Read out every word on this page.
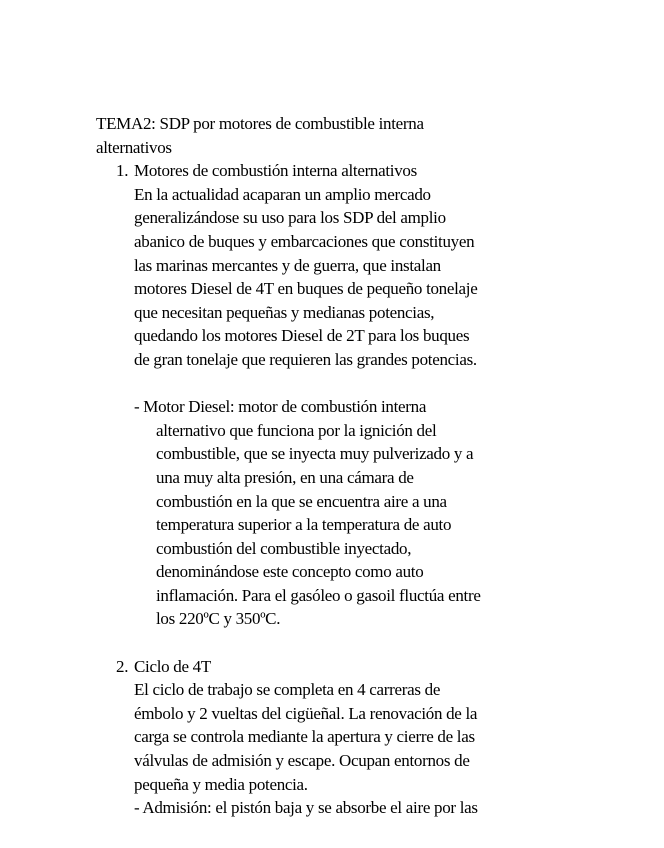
TEMA2: SDP por motores de combustible interna
alternativos
1. Motores de combustión interna alternativos
En la actualidad acaparan un amplio mercado
generalizándose su uso para los SDP del amplio
abanico de buques y embarcaciones que constituyen
las marinas mercantes y de guerra, que instalan
motores Diesel de 4T en buques de pequeño tonelaje
que necesitan pequeñas y medianas potencias,
quedando los motores Diesel de 2T para los buques
de gran tonelaje que requieren las grandes potencias.
- Motor Diesel: motor de combustión interna
alternativo que funciona por la ignición del
combustible, que se inyecta muy pulverizado y a
una muy alta presión, en una cámara de
combustión en la que se encuentra aire a una
temperatura superior a la temperatura de auto
combustión del combustible inyectado,
denominándose este concepto como auto
inflamación. Para el gasóleo o gasoil fluctúa entre
los 220ºC y 350ºC.
2. Ciclo de 4T
El ciclo de trabajo se completa en 4 carreras de
émbolo y 2 vueltas del cigüeñal. La renovación de la
carga se controla mediante la apertura y cierre de las
válvulas de admisión y escape. Ocupan entornos de
pequeña y media potencia.
- Admisión: el pistón baja y se absorbe el aire por las
